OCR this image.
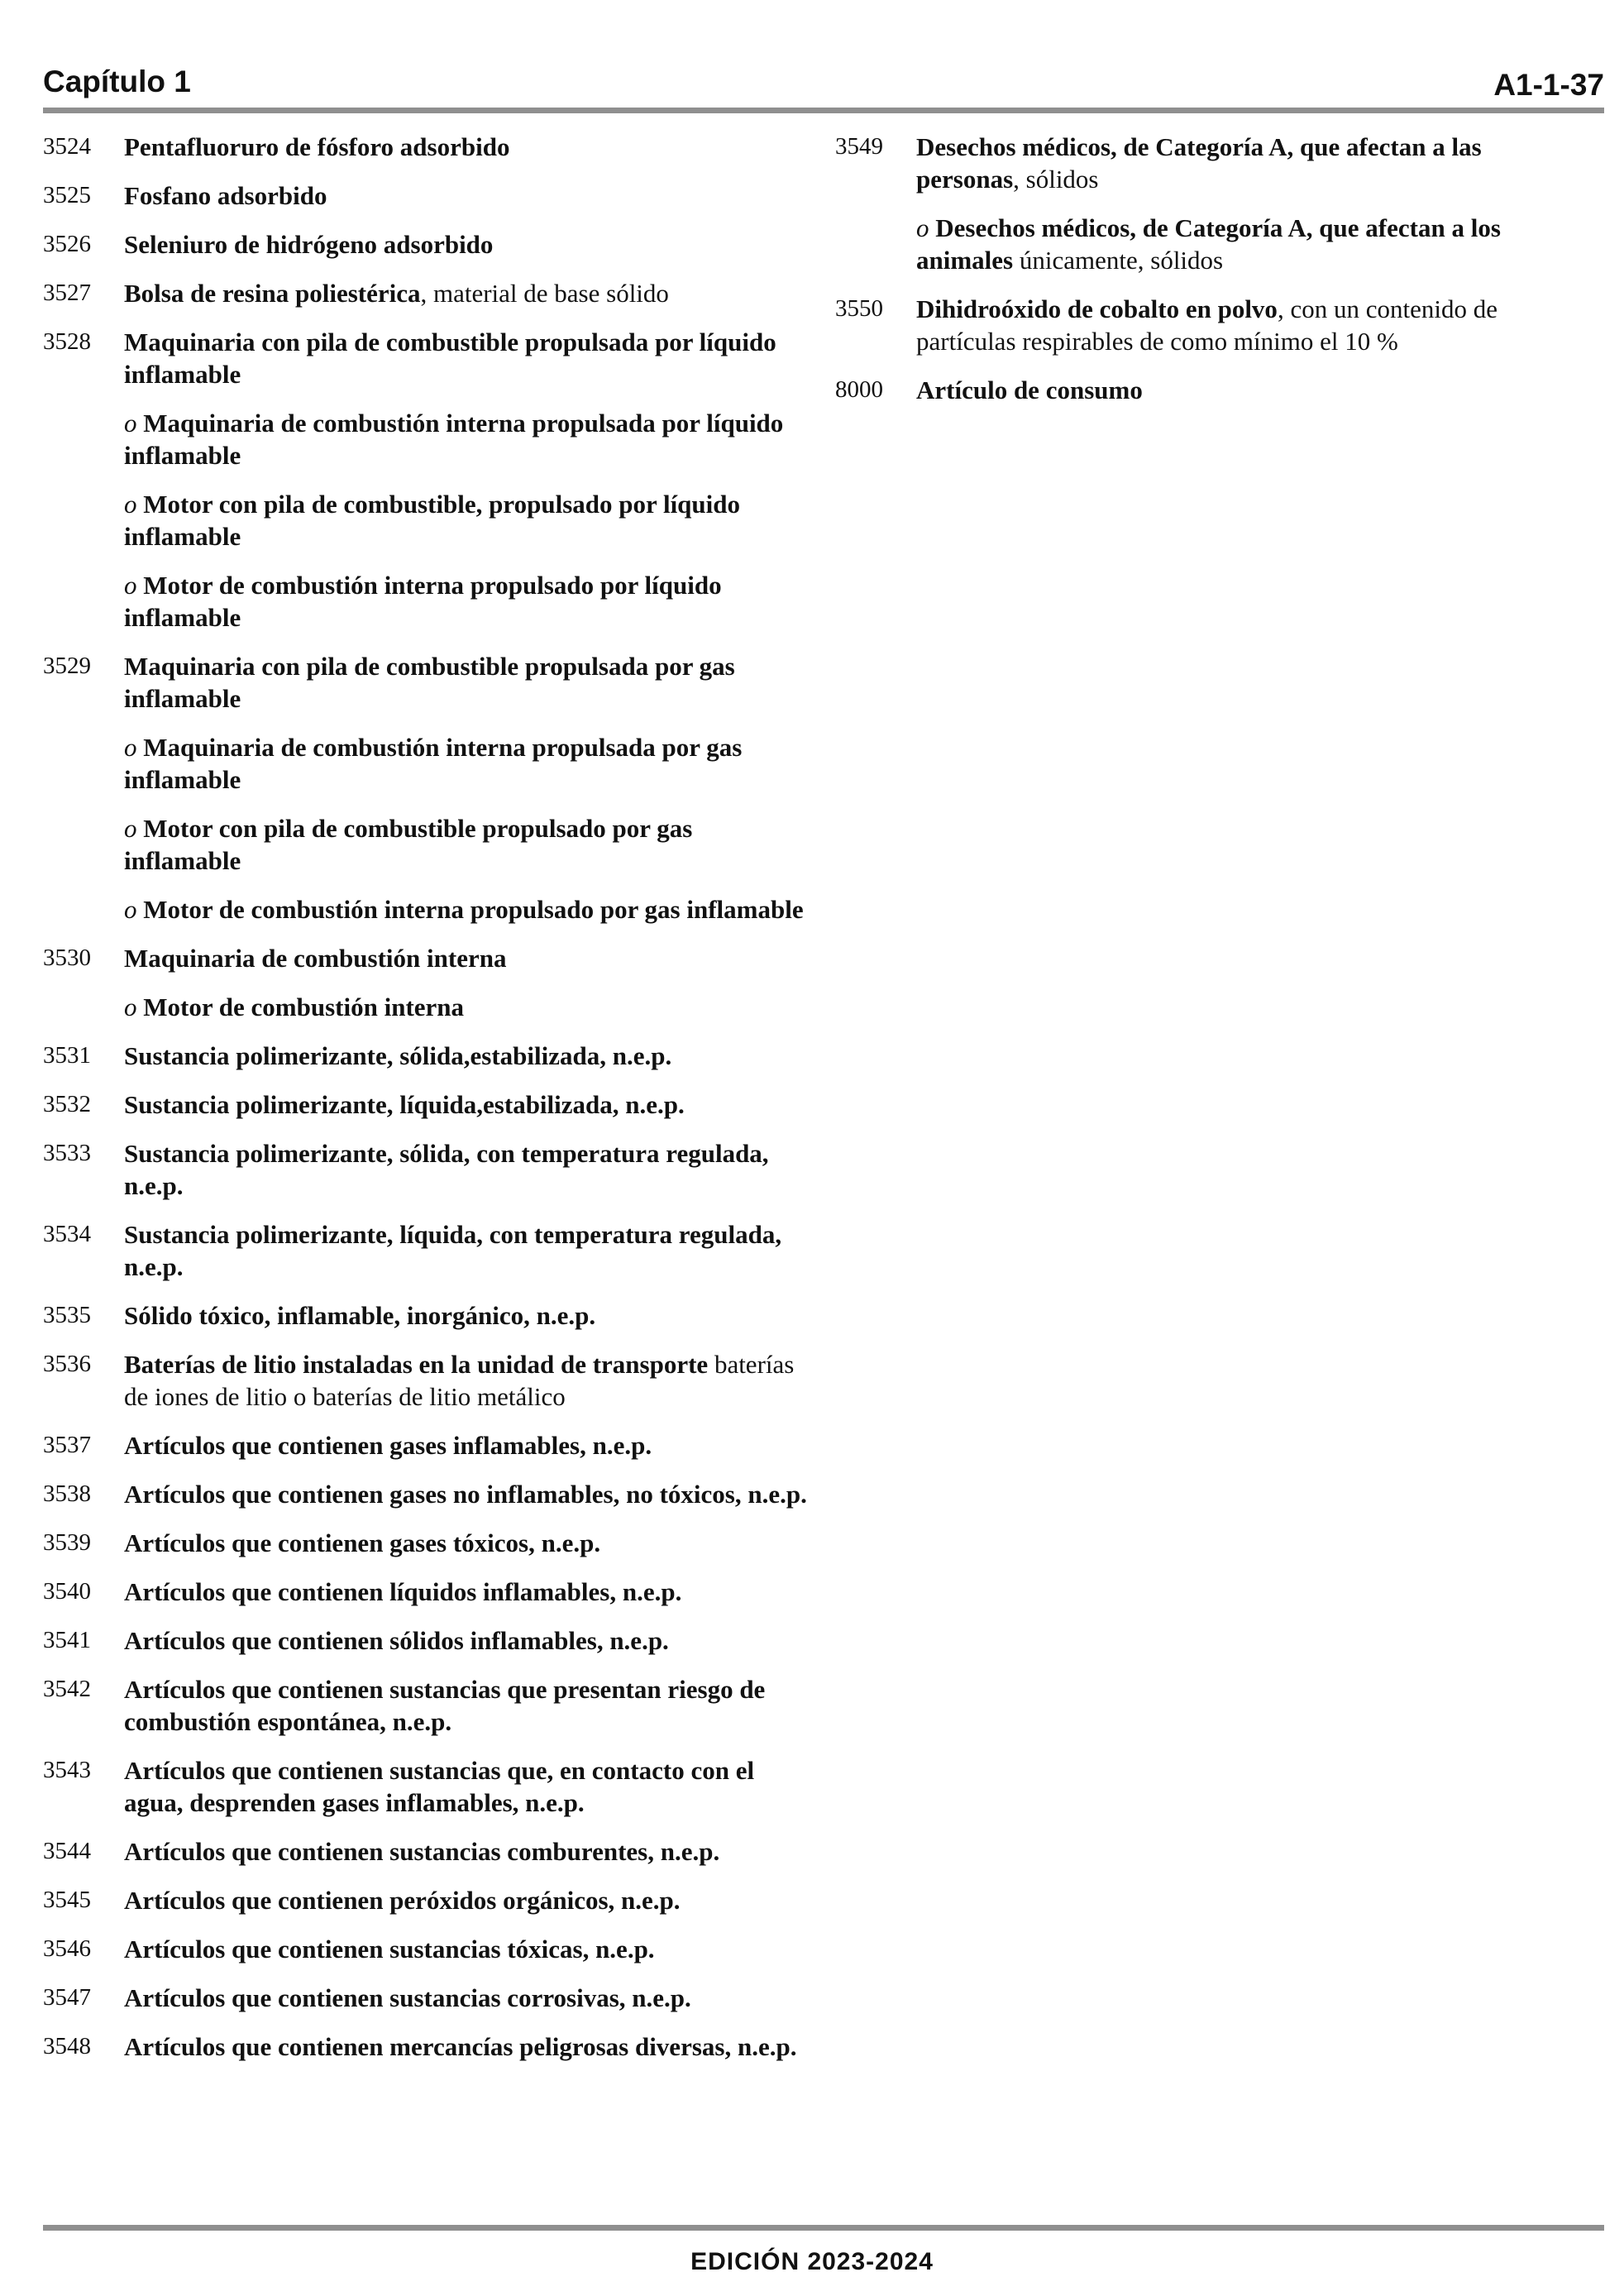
Capítulo 1	A1-1-37
3524	Pentafluoruro de fósforo adsorbido
3525	Fosfano adsorbido
3526	Seleniuro de hidrógeno adsorbido
3527	Bolsa de resina poliestérica, material de base sólido
3528	Maquinaria con pila de combustible propulsada por líquido inflamable
o Maquinaria de combustión interna propulsada por líquido inflamable
o Motor con pila de combustible, propulsado por líquido inflamable
o Motor de combustión interna propulsado por líquido inflamable
3529	Maquinaria con pila de combustible propulsada por gas inflamable
o Maquinaria de combustión interna propulsada por gas inflamable
o Motor con pila de combustible propulsado por gas inflamable
o Motor de combustión interna propulsado por gas inflamable
3530	Maquinaria de combustión interna
o Motor de combustión interna
3531	Sustancia polimerizante, sólida,estabilizada, n.e.p.
3532	Sustancia polimerizante, líquida,estabilizada, n.e.p.
3533	Sustancia polimerizante, sólida, con temperatura regulada, n.e.p.
3534	Sustancia polimerizante, líquida, con temperatura regulada, n.e.p.
3535	Sólido tóxico, inflamable, inorgánico, n.e.p.
3536	Baterías de litio instaladas en la unidad de transporte baterías de iones de litio o baterías de litio metálico
3537	Artículos que contienen gases inflamables, n.e.p.
3538	Artículos que contienen gases no inflamables, no tóxicos, n.e.p.
3539	Artículos que contienen gases tóxicos, n.e.p.
3540	Artículos que contienen líquidos inflamables, n.e.p.
3541	Artículos que contienen sólidos inflamables, n.e.p.
3542	Artículos que contienen sustancias que presentan riesgo de combustión espontánea, n.e.p.
3543	Artículos que contienen sustancias que, en contacto con el agua, desprenden gases inflamables, n.e.p.
3544	Artículos que contienen sustancias comburentes, n.e.p.
3545	Artículos que contienen peróxidos orgánicos, n.e.p.
3546	Artículos que contienen sustancias tóxicas, n.e.p.
3547	Artículos que contienen sustancias corrosivas, n.e.p.
3548	Artículos que contienen mercancías peligrosas diversas, n.e.p.
3549	Desechos médicos, de Categoría A, que afectan a las personas, sólidos
o Desechos médicos, de Categoría A, que afectan a los animales únicamente, sólidos
3550	Dihidroóxido de cobalto en polvo, con un contenido de partículas respirables de como mínimo el 10 %
8000	Artículo de consumo
EDICIÓN 2023-2024
